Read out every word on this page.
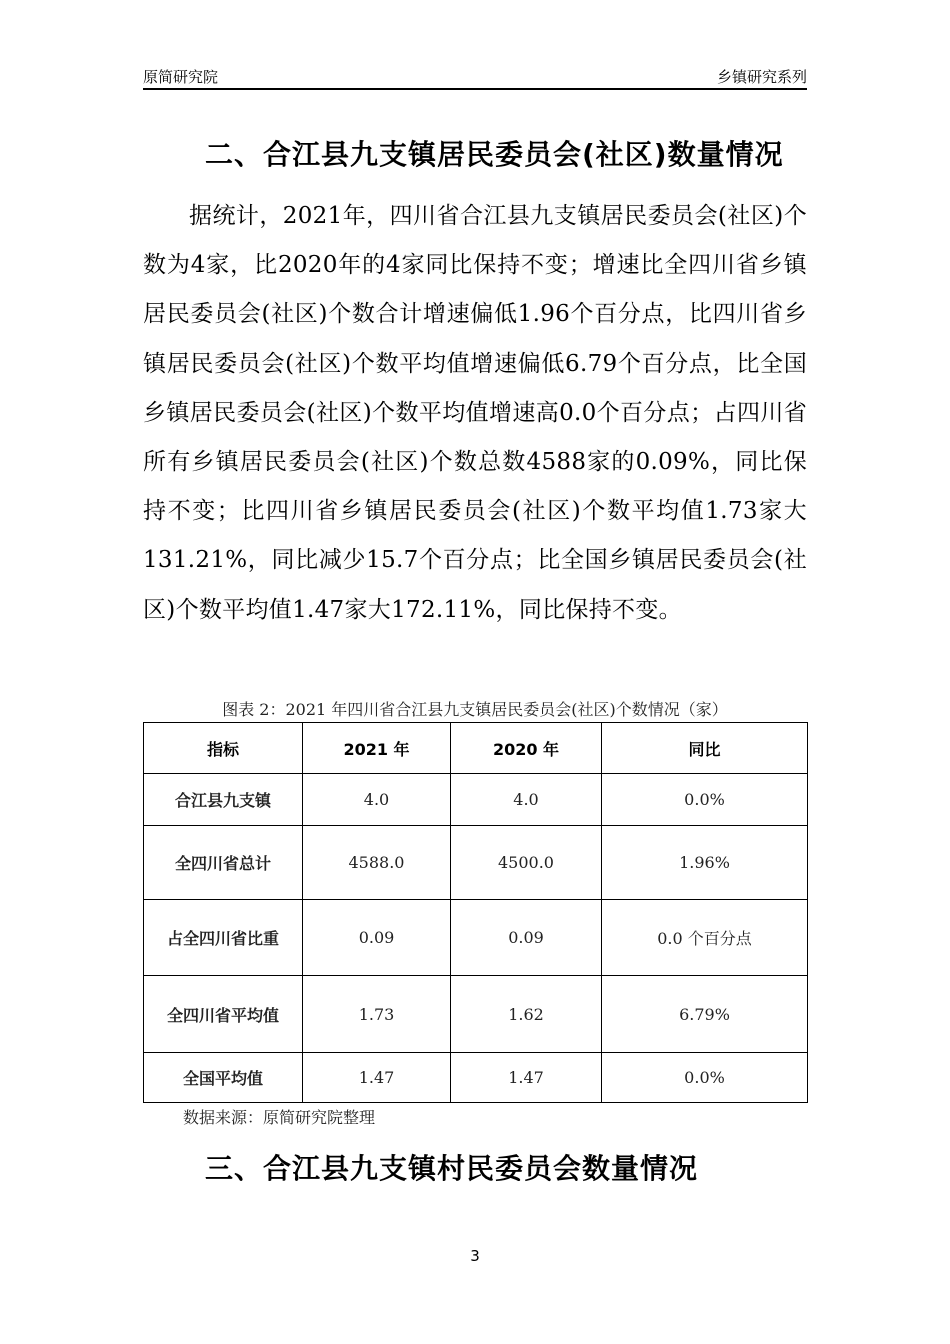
原简研究院	乡镇研究系列
二、合江县九支镇居民委员会(社区)数量情况

据统计，2021年，四川省合江县九支镇居民委员会(社区)个数为4家，比2020年的4家同比保持不变；增速比全四川省乡镇居民委员会(社区)个数合计增速偏低1.96个百分点，比四川省乡镇居民委员会(社区)个数平均值增速偏低6.79个百分点，比全国乡镇居民委员会(社区)个数平均值增速高0.0个百分点；占四川省所有乡镇居民委员会(社区)个数总数4588家的0.09%，同比保持不变；比四川省乡镇居民委员会(社区)个数平均值1.73家大131.21%，同比减少15.7个百分点；比全国乡镇居民委员会(社区)个数平均值1.47家大172.11%，同比保持不变。

图表 2：2021 年四川省合江县九支镇居民委员会(社区)个数情况（家）
指标	2021 年	2020 年	同比
合江县九支镇	4.0	4.0	0.0%
全四川省总计	4588.0	4500.0	1.96%
占全四川省比重	0.09	0.09	0.0 个百分点
全四川省平均值	1.73	1.62	6.79%
全国平均值	1.47	1.47	0.0%
数据来源：原简研究院整理
三、合江县九支镇村民委员会数量情况
3
